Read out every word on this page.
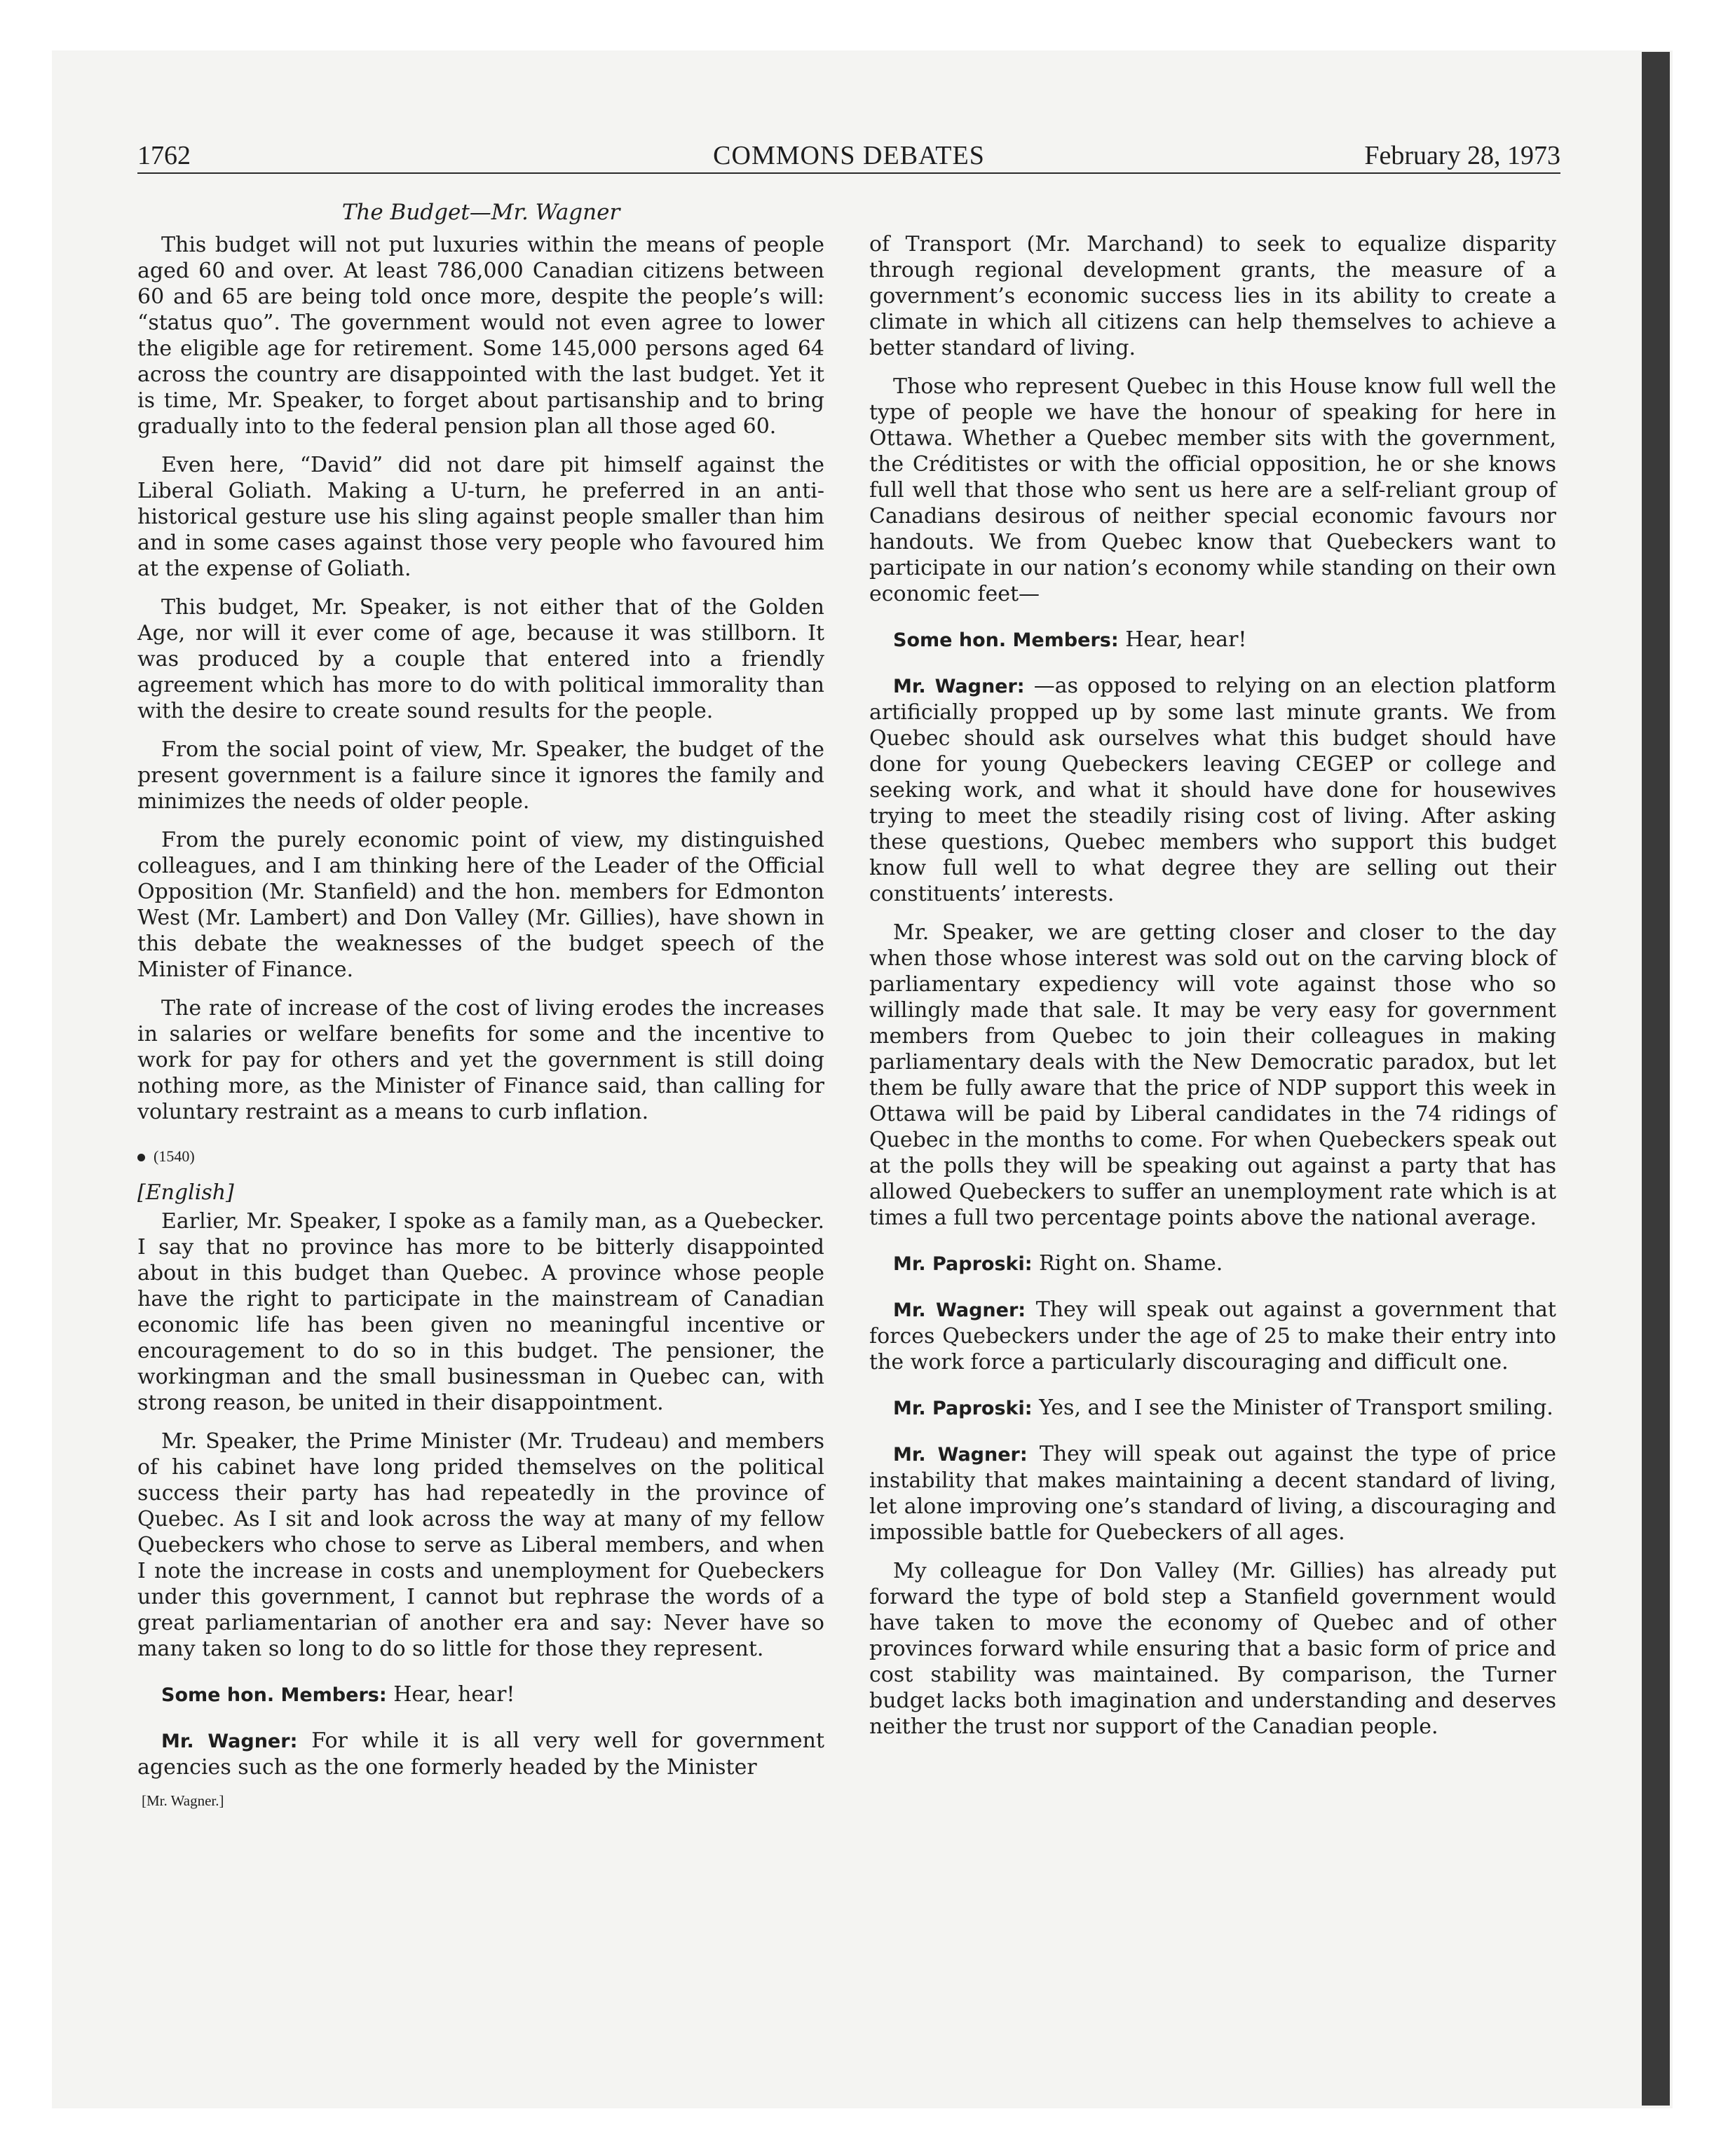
1762	COMMONS DEBATES	February 28, 1973
The Budget—Mr. Wagner

This budget will not put luxuries within the means of people aged 60 and over. At least 786,000 Canadian citizens between 60 and 65 are being told once more, despite the people’s will: “status quo”. The government would not even agree to lower the eligible age for retirement. Some 145,000 persons aged 64 across the country are disappointed with the last budget. Yet it is time, Mr. Speaker, to forget about partisanship and to bring gradually into to the federal pension plan all those aged 60.

Even here, “David” did not dare pit himself against the Liberal Goliath. Making a U-turn, he preferred in an anti-historical gesture use his sling against people smaller than him and in some cases against those very people who favoured him at the expense of Goliath.

This budget, Mr. Speaker, is not either that of the Golden Age, nor will it ever come of age, because it was stillborn. It was produced by a couple that entered into a friendly agreement which has more to do with political immorality than with the desire to create sound results for the people.

From the social point of view, Mr. Speaker, the budget of the present government is a failure since it ignores the family and minimizes the needs of older people.

From the purely economic point of view, my distinguished colleagues, and I am thinking here of the Leader of the Official Opposition (Mr. Stanfield) and the hon. members for Edmonton West (Mr. Lambert) and Don Valley (Mr. Gillies), have shown in this debate the weaknesses of the budget speech of the Minister of Finance.

The rate of increase of the cost of living erodes the increases in salaries or welfare benefits for some and the incentive to work for pay for others and yet the government is still doing nothing more, as the Minister of Finance said, than calling for voluntary restraint as a means to curb inflation.

(1540)
[English]

Earlier, Mr. Speaker, I spoke as a family man, as a Quebecker. I say that no province has more to be bitterly disappointed about in this budget than Quebec. A province whose people have the right to participate in the mainstream of Canadian economic life has been given no meaningful incentive or encouragement to do so in this budget. The pensioner, the workingman and the small businessman in Quebec can, with strong reason, be united in their disappointment.

Mr. Speaker, the Prime Minister (Mr. Trudeau) and members of his cabinet have long prided themselves on the political success their party has had repeatedly in the province of Quebec. As I sit and look across the way at many of my fellow Quebeckers who chose to serve as Liberal members, and when I note the increase in costs and unemployment for Quebeckers under this government, I cannot but rephrase the words of a great parliamentarian of another era and say: Never have so many taken so long to do so little for those they represent.

Some hon. Members: Hear, hear!

Mr. Wagner: For while it is all very well for government agencies such as the one formerly headed by the Minister

[Mr. Wagner.]

of Transport (Mr. Marchand) to seek to equalize disparity through regional development grants, the measure of a government’s economic success lies in its ability to create a climate in which all citizens can help themselves to achieve a better standard of living.

Those who represent Quebec in this House know full well the type of people we have the honour of speaking for here in Ottawa. Whether a Quebec member sits with the government, the Créditistes or with the official opposition, he or she knows full well that those who sent us here are a self-reliant group of Canadians desirous of neither special economic favours nor handouts. We from Quebec know that Quebeckers want to participate in our nation’s economy while standing on their own economic feet—

Some hon. Members: Hear, hear!

Mr. Wagner: —as opposed to relying on an election platform artificially propped up by some last minute grants. We from Quebec should ask ourselves what this budget should have done for young Quebeckers leaving CEGEP or college and seeking work, and what it should have done for housewives trying to meet the steadily rising cost of living. After asking these questions, Quebec members who support this budget know full well to what degree they are selling out their constituents’ interests.

Mr. Speaker, we are getting closer and closer to the day when those whose interest was sold out on the carving block of parliamentary expediency will vote against those who so willingly made that sale. It may be very easy for government members from Quebec to join their colleagues in making parliamentary deals with the New Democratic paradox, but let them be fully aware that the price of NDP support this week in Ottawa will be paid by Liberal candidates in the 74 ridings of Quebec in the months to come. For when Quebeckers speak out at the polls they will be speaking out against a party that has allowed Quebeckers to suffer an unemployment rate which is at times a full two percentage points above the national average.

Mr. Paproski: Right on. Shame.

Mr. Wagner: They will speak out against a government that forces Quebeckers under the age of 25 to make their entry into the work force a particularly discouraging and difficult one.

Mr. Paproski: Yes, and I see the Minister of Transport smiling.

Mr. Wagner: They will speak out against the type of price instability that makes maintaining a decent standard of living, let alone improving one’s standard of living, a discouraging and impossible battle for Quebeckers of all ages.

My colleague for Don Valley (Mr. Gillies) has already put forward the type of bold step a Stanfield government would have taken to move the economy of Quebec and of other provinces forward while ensuring that a basic form of price and cost stability was maintained. By comparison, the Turner budget lacks both imagination and understanding and deserves neither the trust nor support of the Canadian people.
